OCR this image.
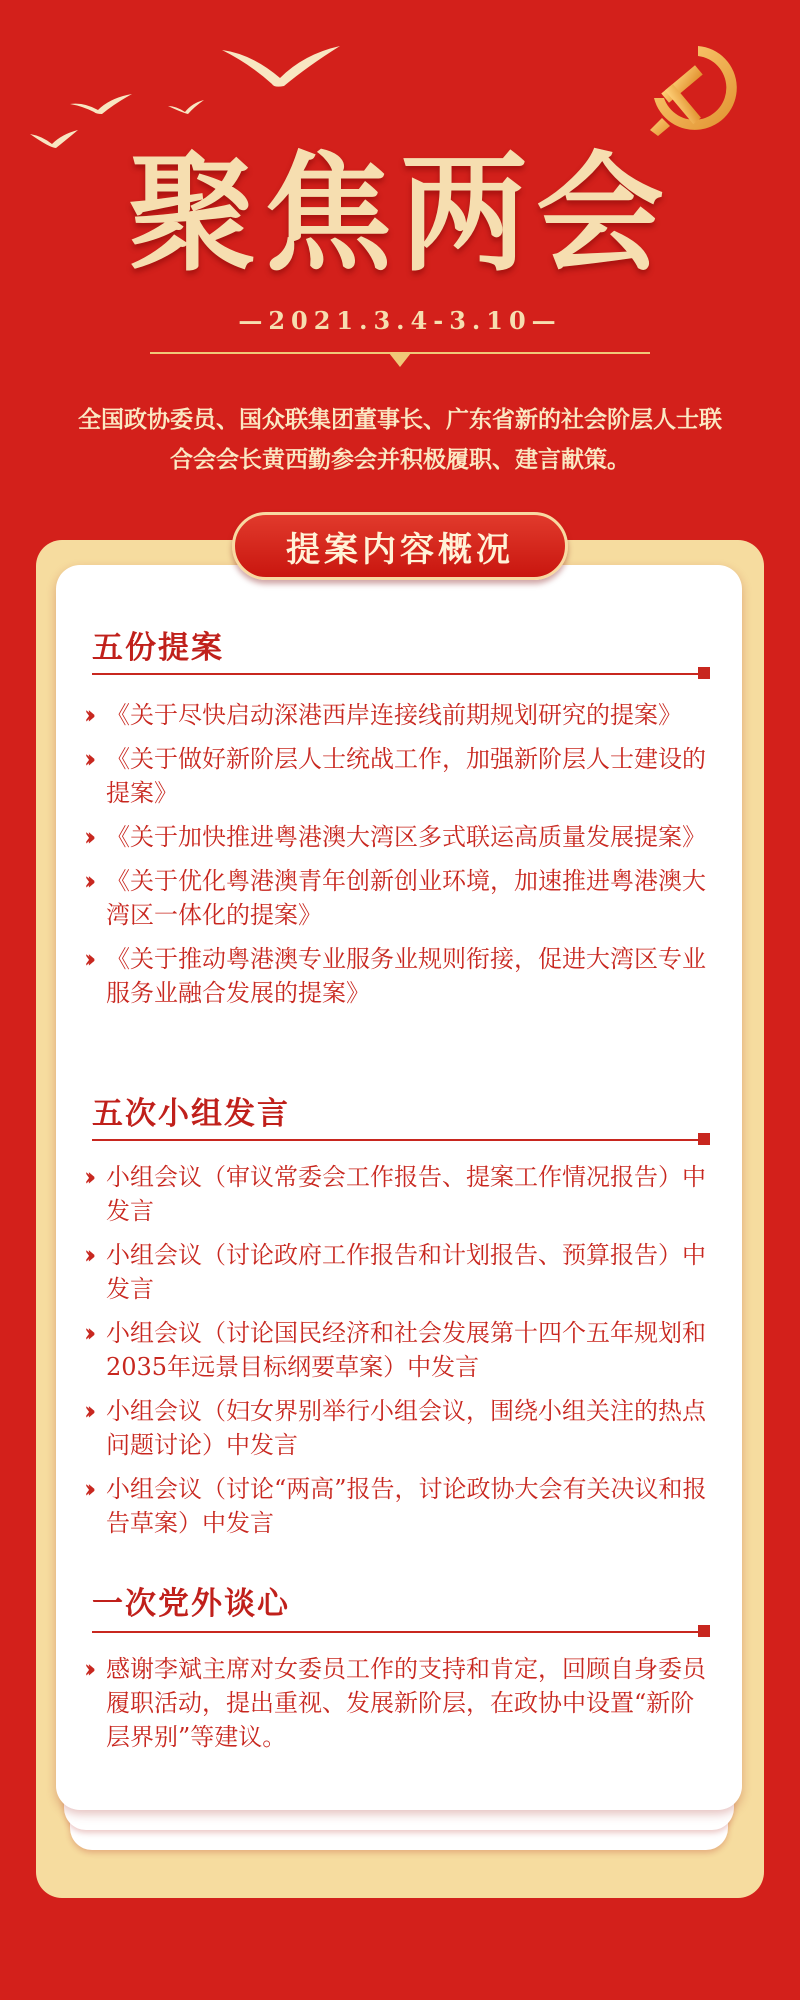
聚焦两会
—2021.3.4-3.10—
全国政协委员、国众联集团董事长、广东省新的社会阶层人士联合会会长黄西勤参会并积极履职、建言献策。
提案内容概况
五份提案
›› 《关于尽快启动深港西岸连接线前期规划研究的提案》
›› 《关于做好新阶层人士统战工作，加强新阶层人士建设的提案》
›› 《关于加快推进粤港澳大湾区多式联运高质量发展提案》
›› 《关于优化粤港澳青年创新创业环境，加速推进粤港澳大湾区一体化的提案》
›› 《关于推动粤港澳专业服务业规则衔接，促进大湾区专业服务业融合发展的提案》
五次小组发言
›› 小组会议（审议常委会工作报告、提案工作情况报告）中发言
›› 小组会议（讨论政府工作报告和计划报告、预算报告）中发言
›› 小组会议（讨论国民经济和社会发展第十四个五年规划和2035年远景目标纲要草案）中发言
›› 小组会议（妇女界别举行小组会议，围绕小组关注的热点问题讨论）中发言
›› 小组会议（讨论“两高”报告，讨论政协大会有关决议和报告草案）中发言
一次党外谈心
›› 感谢李斌主席对女委员工作的支持和肯定，回顾自身委员履职活动，提出重视、发展新阶层，在政协中设置“新阶层界别”等建议。
